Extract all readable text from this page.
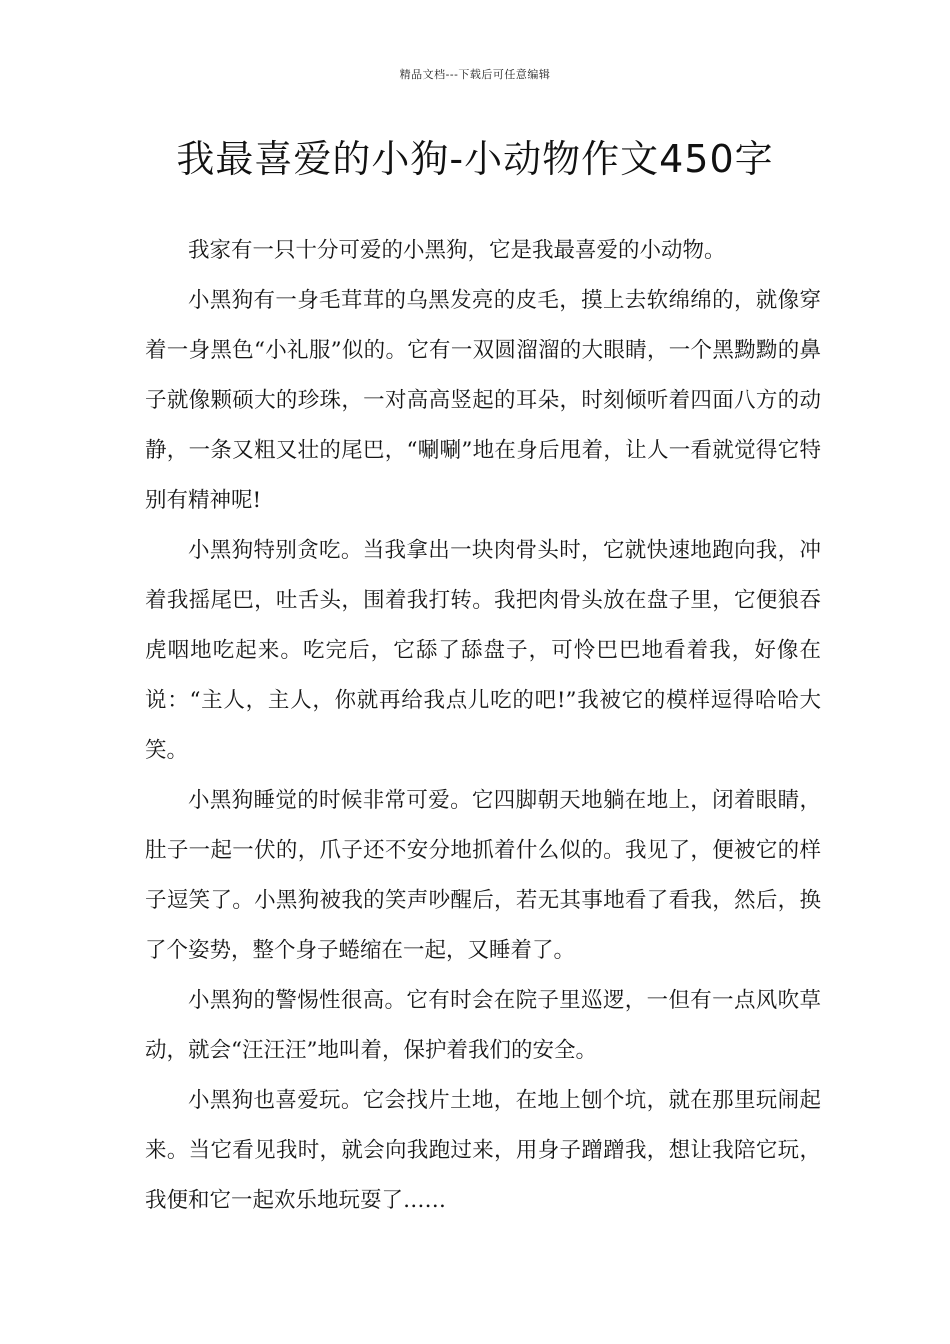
精品文档---下载后可任意编辑
我最喜爱的小狗-小动物作文450字

我家有一只十分可爱的小黑狗，它是我最喜爱的小动物。

小黑狗有一身毛茸茸的乌黑发亮的皮毛，摸上去软绵绵的，就像穿着一身黑色“小礼服”似的。它有一双圆溜溜的大眼睛，一个黑黝黝的鼻子就像颗硕大的珍珠，一对高高竖起的耳朵，时刻倾听着四面八方的动静，一条又粗又壮的尾巴，“唰唰”地在身后甩着，让人一看就觉得它特别有精神呢!

小黑狗特别贪吃。当我拿出一块肉骨头时，它就快速地跑向我，冲着我摇尾巴，吐舌头，围着我打转。我把肉骨头放在盘子里，它便狼吞虎咽地吃起来。吃完后，它舔了舔盘子，可怜巴巴地看着我，好像在说：“主人，主人，你就再给我点儿吃的吧!”我被它的模样逗得哈哈大笑。

小黑狗睡觉的时候非常可爱。它四脚朝天地躺在地上，闭着眼睛，肚子一起一伏的，爪子还不安分地抓着什么似的。我见了，便被它的样子逗笑了。小黑狗被我的笑声吵醒后，若无其事地看了看我，然后，换了个姿势，整个身子蜷缩在一起，又睡着了。

小黑狗的警惕性很高。它有时会在院子里巡逻，一但有一点风吹草动，就会“汪汪汪”地叫着，保护着我们的安全。

小黑狗也喜爱玩。它会找片土地，在地上刨个坑，就在那里玩闹起来。当它看见我时，就会向我跑过来，用身子蹭蹭我，想让我陪它玩，我便和它一起欢乐地玩耍了……
